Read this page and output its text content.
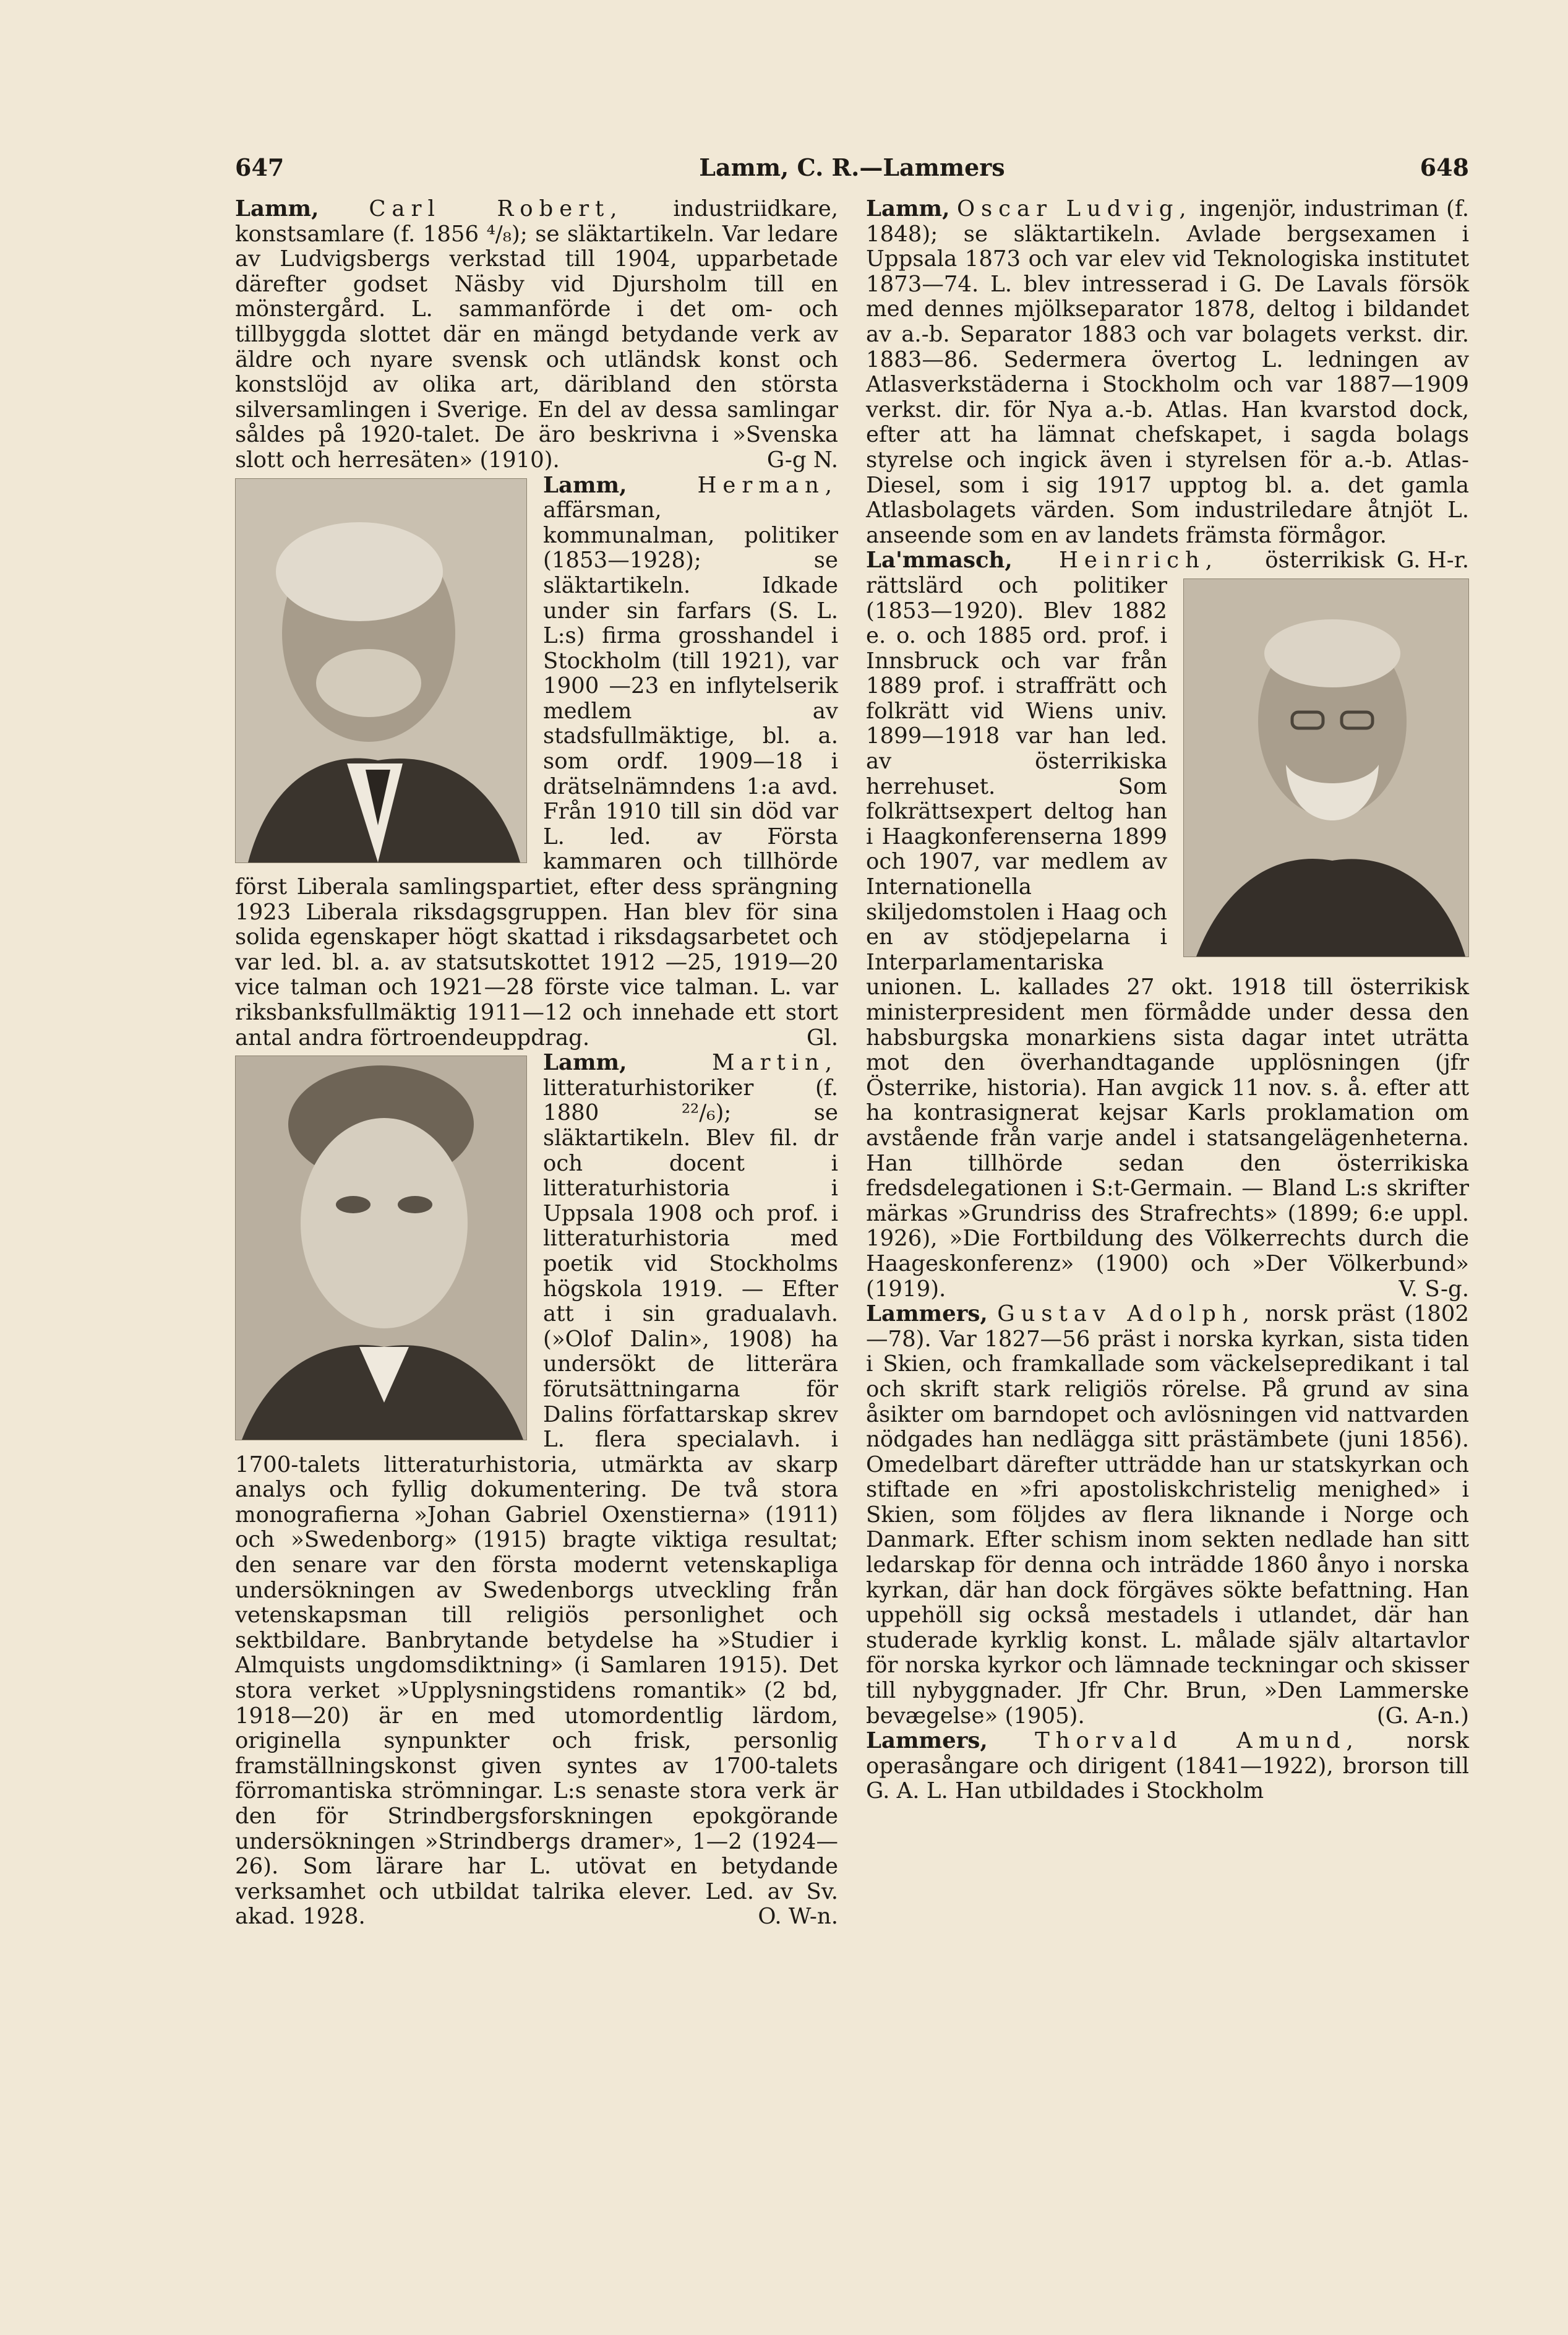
647	Lamm, C. R.—Lammers	648

Lamm, Carl Robert, industriidkare, konstsamlare (f. 1856 ⁴/₈); se släktartikeln. Var ledare av Ludvigsbergs verkstad till 1904, upparbetade därefter godset Näsby vid Djursholm till en mönstergård. L. sammanförde i det om- och tillbyggda slottet där en mängd betydande verk av äldre och nyare svensk och utländsk konst och konstslöjd av olika art, däribland den största silversamlingen i Sverige. En del av dessa samlingar såldes på 1920-talet. De äro beskrivna i »Svenska slott och herresäten» (1910).	G-g N.

Lamm,	Herman,
affärsman, kommunalman, politiker (1853—1928); se släktartikeln. Idkade under sin farfars (S. L. L:s) firma grosshandel i Stockholm (till 1921), var 1900 —23 en inflytelserik medlem av stadsfullmäktige, bl. a. som ordf. 1909—18 i drätselnämndens 1:a avd. Från 1910 till sin död var L. led. av Första kammaren och tillhörde först Liberala samlingspartiet, efter dess sprängning 1923 Liberala riksdagsgruppen. Han blev för sina solida egenskaper högt skattad i riksdagsarbetet och var led. bl. a. av statsutskottet 1912 —25, 1919—20 vice talman och 1921—28 förste vice talman. L. var riksbanksfullmäktig 1911—12 och innehade ett stort antal andra förtroendeuppdrag.	Gl.

Lamm,	Martin,
litteraturhistoriker (f. 1880 ²²/₆); se släktartikeln. Blev fil. dr och docent i litteraturhistoria i Uppsala 1908 och prof. i litteraturhistoria med poetik vid Stockholms högskola 1919. — Efter att i sin gradualavh. (»Olof Dalin», 1908) ha undersökt de litterära förutsättningarna för Dalins författarskap skrev L. flera specialavh. i 1700-talets litteraturhistoria, utmärkta av skarp analys och fyllig dokumentering. De två stora monografierna »Johan Gabriel Oxenstierna» (1911) och »Swedenborg» (1915) bragte viktiga resultat; den senare var den första modernt vetenskapliga undersökningen av Swedenborgs utveckling från vetenskapsman till religiös personlighet och sektbildare. Banbrytande betydelse ha »Studier i Almquists ungdomsdiktning» (i Samlaren 1915). Det stora verket »Upplysningstidens romantik» (2 bd, 1918—20) är en med utomordentlig lärdom, originella synpunkter och frisk, personlig framställningskonst given syntes av 1700-talets förromantiska strömningar. L:s senaste stora verk är den för Strindbergsforskningen epokgörande undersökningen »Strindbergs dramer», 1—2 (1924—26). Som lärare har L. utövat en betydande verksamhet och utbildat talrika elever. Led. av Sv. akad. 1928.	O. W-n.

Lamm, Oscar Ludvig, ingenjör, industriman (f. 1848); se släktartikeln. Avlade bergsexamen i Uppsala 1873 och var elev vid Teknologiska institutet 1873—74. L. blev intresserad i G. De Lavals försök med dennes mjölkseparator 1878, deltog i bildandet av a.-b. Separator 1883 och var bolagets verkst. dir. 1883—86. Sedermera övertog L. ledningen av Atlasverkstäderna i Stockholm och var 1887—1909 verkst. dir. för Nya a.-b. Atlas. Han kvarstod dock, efter att ha lämnat chefskapet, i sagda bolags styrelse och ingick även i styrelsen för a.-b. Atlas-Diesel, som i sig 1917 upptog bl. a. det gamla Atlasbolagets värden. Som industriledare åtnjöt L. anseende som en av landets främsta förmågor.
G. H-r.

La'mmasch, Heinrich, österrikisk rättslärd och politiker (1853—1920). Blev 1882 e. o. och 1885 ord. prof. i Innsbruck och var från 1889 prof. i straffrätt och folkrätt vid Wiens univ. 1899—1918 var han led. av österrikiska herrehuset. Som folkrättsexpert deltog han i Haagkonferenserna 1899 och 1907, var medlem av Internationella skiljedomstolen i Haag och en av stödjepelarna i Interparlamentariska unionen. L. kallades 27 okt. 1918 till österrikisk ministerpresident men förmådde under dessa den habsburgska monarkiens sista dagar intet uträtta mot den överhandtagande upplösningen (jfr Österrike, historia). Han avgick 11 nov. s. å. efter att ha kontrasignerat kejsar Karls proklamation om avstående från varje andel i statsangelägenheterna. Han tillhörde sedan den österrikiska fredsdelegationen i S:t-Germain. — Bland L:s skrifter märkas »Grundriss des Strafrechts» (1899; 6:e uppl. 1926), »Die Fortbildung des Völkerrechts durch die Haageskonferenz» (1900) och »Der Völkerbund» (1919).	V. S-g.

Lammers, Gustav Adolph, norsk präst (1802—78). Var 1827—56 präst i norska kyrkan, sista tiden i Skien, och framkallade som väckelsepredikant i tal och skrift stark religiös rörelse. På grund av sina åsikter om barndopet och avlösningen vid nattvarden nödgades han nedlägga sitt prästämbete (juni 1856). Omedelbart därefter utträdde han ur statskyrkan och stiftade en »fri apostoliskchristelig menighed» i Skien, som följdes av flera liknande i Norge och Danmark. Efter schism inom sekten nedlade han sitt ledarskap för denna och inträdde 1860 ånyo i norska kyrkan, där han dock förgäves sökte befattning. Han uppehöll sig också mestadels i utlandet, där han studerade kyrklig konst. L. målade själv altartavlor för norska kyrkor och lämnade teckningar och skisser till nybyggnader. Jfr Chr. Brun, »Den Lammerske bevægelse» (1905).	(G. A-n.)

Lammers, Thorvald Amund, norsk operasångare och dirigent (1841—1922), brorson till G. A. L. Han utbildades i Stockholm
